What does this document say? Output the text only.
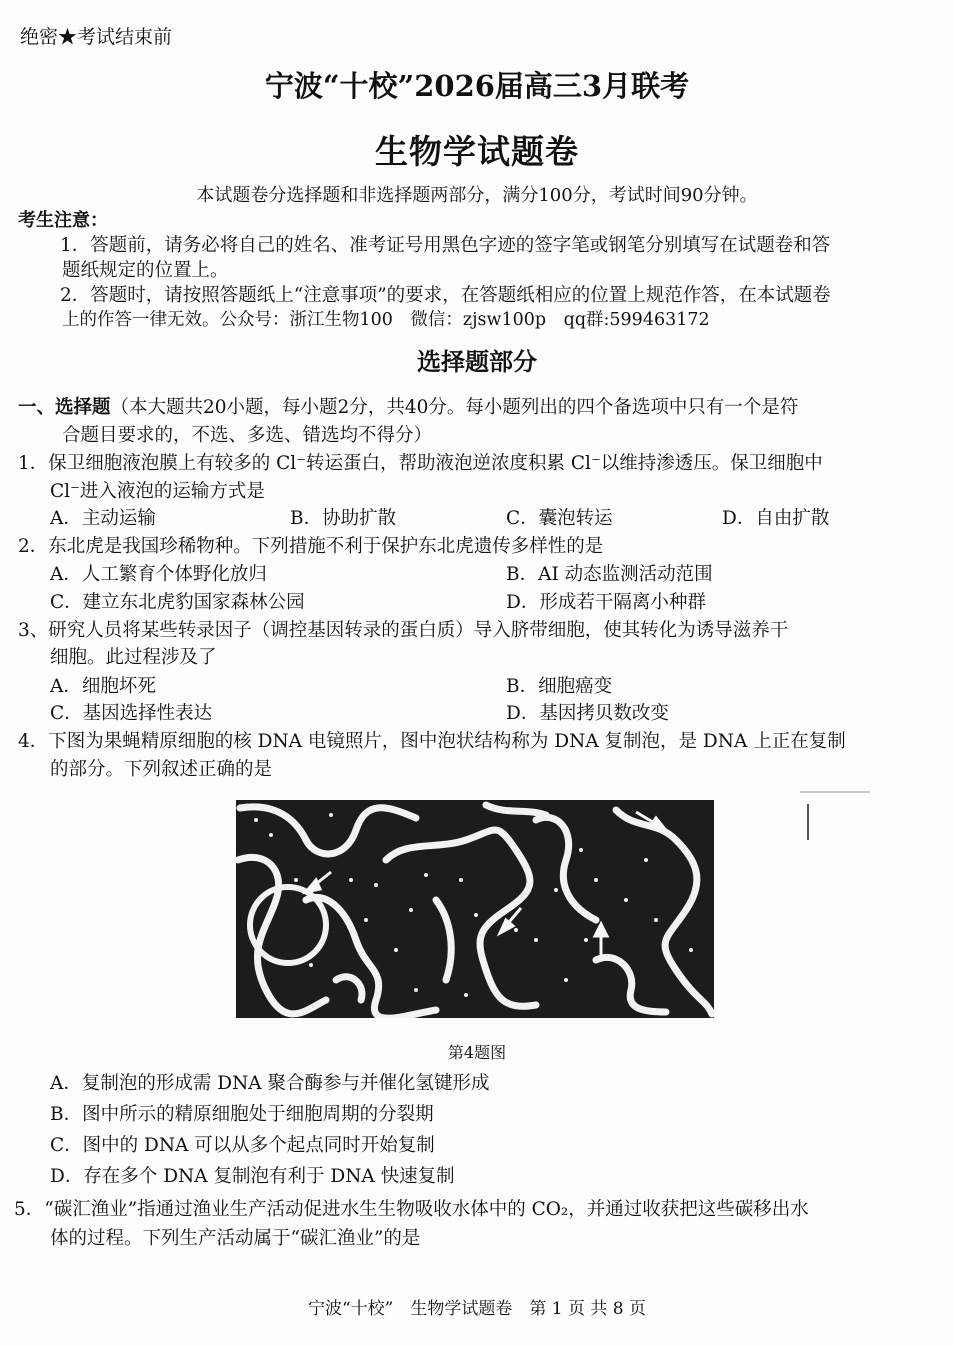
绝密★考试结束前
宁波“十校”2026届高三3月联考
生物学试题卷
本试题卷分选择题和非选择题两部分，满分100分，考试时间90分钟。
考生注意：
1．答题前，请务必将自己的姓名、准考证号用黑色字迹的签字笔或钢笔分别填写在试题卷和答
题纸规定的位置上。
2．答题时，请按照答题纸上“注意事项”的要求，在答题纸相应的位置上规范作答，在本试题卷
上的作答一律无效。公众号：浙江生物100　微信：zjsw100p　qq群:599463172
选择题部分
一、选择题（本大题共20小题，每小题2分，共40分。每小题列出的四个备选项中只有一个是符
合题目要求的，不选、多选、错选均不得分）
1．保卫细胞液泡膜上有较多的 Cl⁻转运蛋白，帮助液泡逆浓度积累 Cl⁻以维持渗透压。保卫细胞中
Cl⁻进入液泡的运输方式是
A．主动运输	B．协助扩散	C．囊泡转运	D．自由扩散
2．东北虎是我国珍稀物种。下列措施不利于保护东北虎遗传多样性的是
A．人工繁育个体野化放归	B．AI 动态监测活动范围
C．建立东北虎豹国家森林公园	D．形成若干隔离小种群
3、研究人员将某些转录因子（调控基因转录的蛋白质）导入脐带细胞，使其转化为诱导滋养干
细胞。此过程涉及了
A．细胞坏死	B．细胞癌变
C．基因选择性表达	D．基因拷贝数改变
4．下图为果蝇精原细胞的核 DNA 电镜照片，图中泡状结构称为 DNA 复制泡，是 DNA 上正在复制
的部分。下列叙述正确的是
第4题图
A．复制泡的形成需 DNA 聚合酶参与并催化氢键形成
B．图中所示的精原细胞处于细胞周期的分裂期
C．图中的 DNA 可以从多个起点同时开始复制
D．存在多个 DNA 复制泡有利于 DNA 快速复制
5．“碳汇渔业”指通过渔业生产活动促进水生生物吸收水体中的 CO₂，并通过收获把这些碳移出水
体的过程。下列生产活动属于“碳汇渔业”的是
宁波“十校”　生物学试题卷　第 1 页 共 8 页
